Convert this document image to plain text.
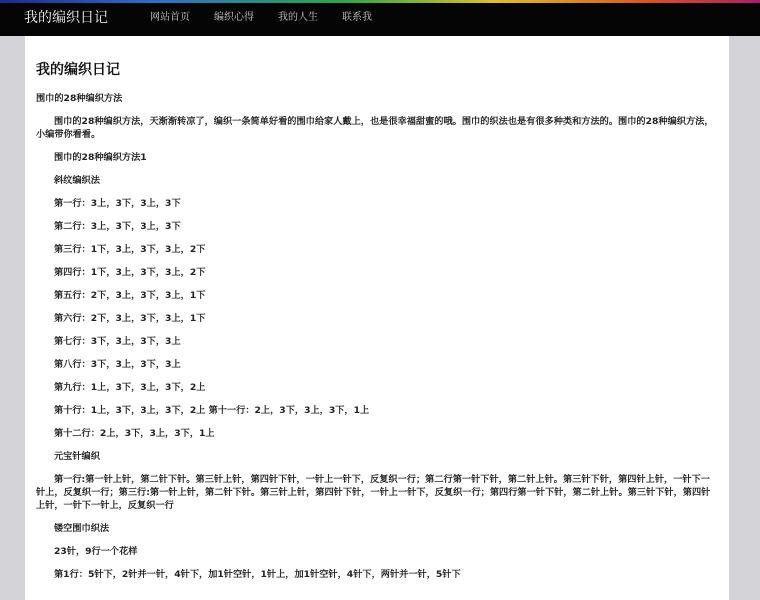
我的编织日记	网站首页 编织心得 我的人生 联系我
我的编织日记
围巾的28种编织方法
围巾的28种编织方法，天渐渐转凉了，编织一条简单好看的围巾给家人戴上，也是很幸福甜蜜的哦。围巾的织法也是有很多种类和方法的。围巾的28种编织方法，小编带你看看。
围巾的28种编织方法1
斜纹编织法
第一行：3上，3下，3上，3下
第二行：3上，3下，3上，3下
第三行：1下，3上，3下，3上，2下
第四行：1下，3上，3下，3上，2下
第五行：2下，3上，3下，3上，1下
第六行：2下，3上，3下，3上，1下
第七行：3下，3上，3下，3上
第八行：3下，3上，3下，3上
第九行：1上，3下，3上，3下，2上
第十行：1上，3下，3上，3下，2上 第十一行：2上，3下，3上，3下，1上
第十二行：2上，3下，3上，3下，1上
元宝针编织
第一行:第一针上针，第二针下针。第三针上针，第四针下针，一针上一针下，反复织一行；第二行第一针下针，第二针上针。第三针下针，第四针上针，一针下一针上，反复织一行；第三行:第一针上针，第二针下针。第三针上针，第四针下针，一针上一针下，反复织一行；第四行第一针下针，第二针上针。第三针下针，第四针上针，一针下一针上，反复织一行
镂空围巾织法
23针，9行一个花样
第1行：5针下，2针并一针，4针下，加1针空针，1针上，加1针空针，4针下，两针并一针，5针下
